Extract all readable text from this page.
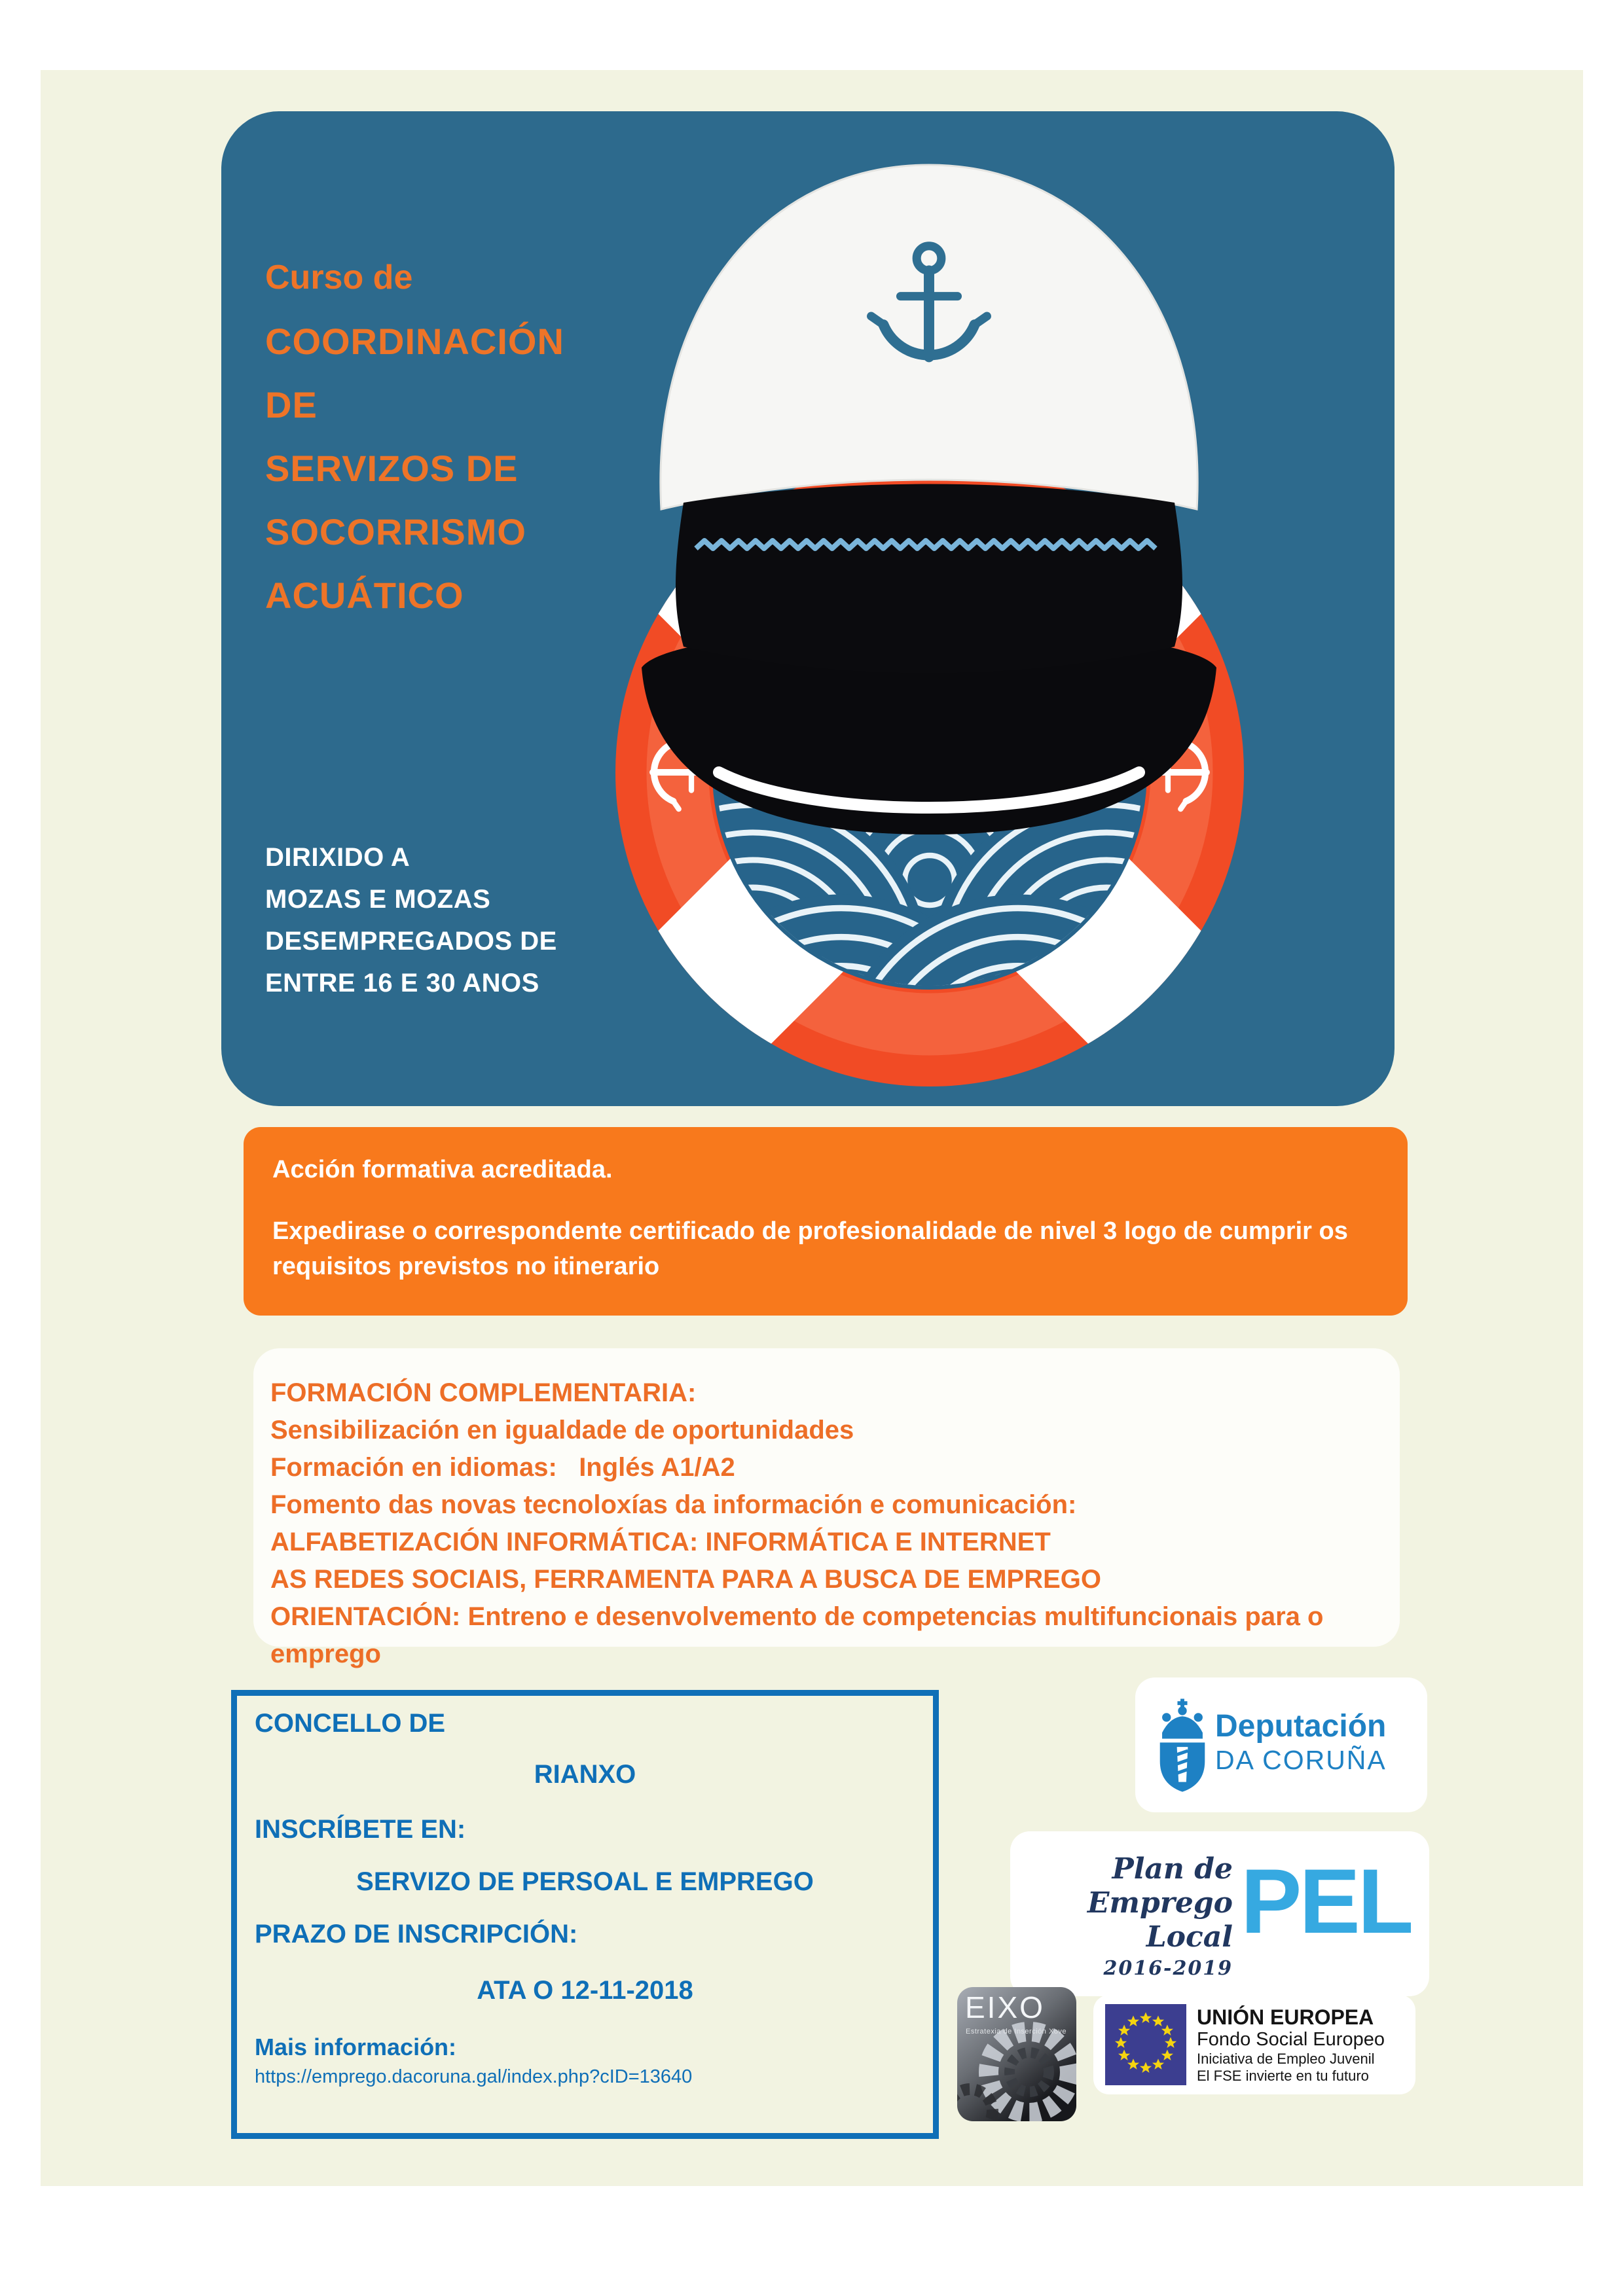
Curso de
COORDINACIÓN
DE
SERVIZOS DE
SOCORRISMO
ACUÁTICO
DIRIXIDO A
MOZAS E MOZAS
DESEMPREGADOS DE
ENTRE 16 E 30 ANOS
Acción formativa acreditada.
Expedirase o correspondente certificado de profesionalidade de nivel 3 logo de cumprir os requisitos previstos no itinerario
FORMACIÓN COMPLEMENTARIA:
Sensibilización en igualdade de oportunidades
Formación en idiomas:   Inglés A1/A2
Fomento das novas tecnoloxías da información e comunicación:
ALFABETIZACIÓN INFORMÁTICA: INFORMÁTICA E INTERNET
AS REDES SOCIAIS, FERRAMENTA PARA A BUSCA DE EMPREGO
ORIENTACIÓN: Entreno e desenvolvemento de competencias multifuncionais para o
emprego
CONCELLO DE
RIANXO
INSCRÍBETE EN:
SERVIZO DE PERSOAL E EMPREGO
PRAZO DE INSCRIPCIÓN:
ATA O 12-11-2018
Mais información:
https://emprego.dacoruna.gal/index.php?cID=13640
Deputación
DA CORUÑA
Plan de
Emprego Local
2016-2019
PEL
EIXO
Estratexia de Inserción Xove
UNIÓN EUROPEA
Fondo Social Europeo
Iniciativa de Empleo Juvenil
El FSE invierte en tu futuro
